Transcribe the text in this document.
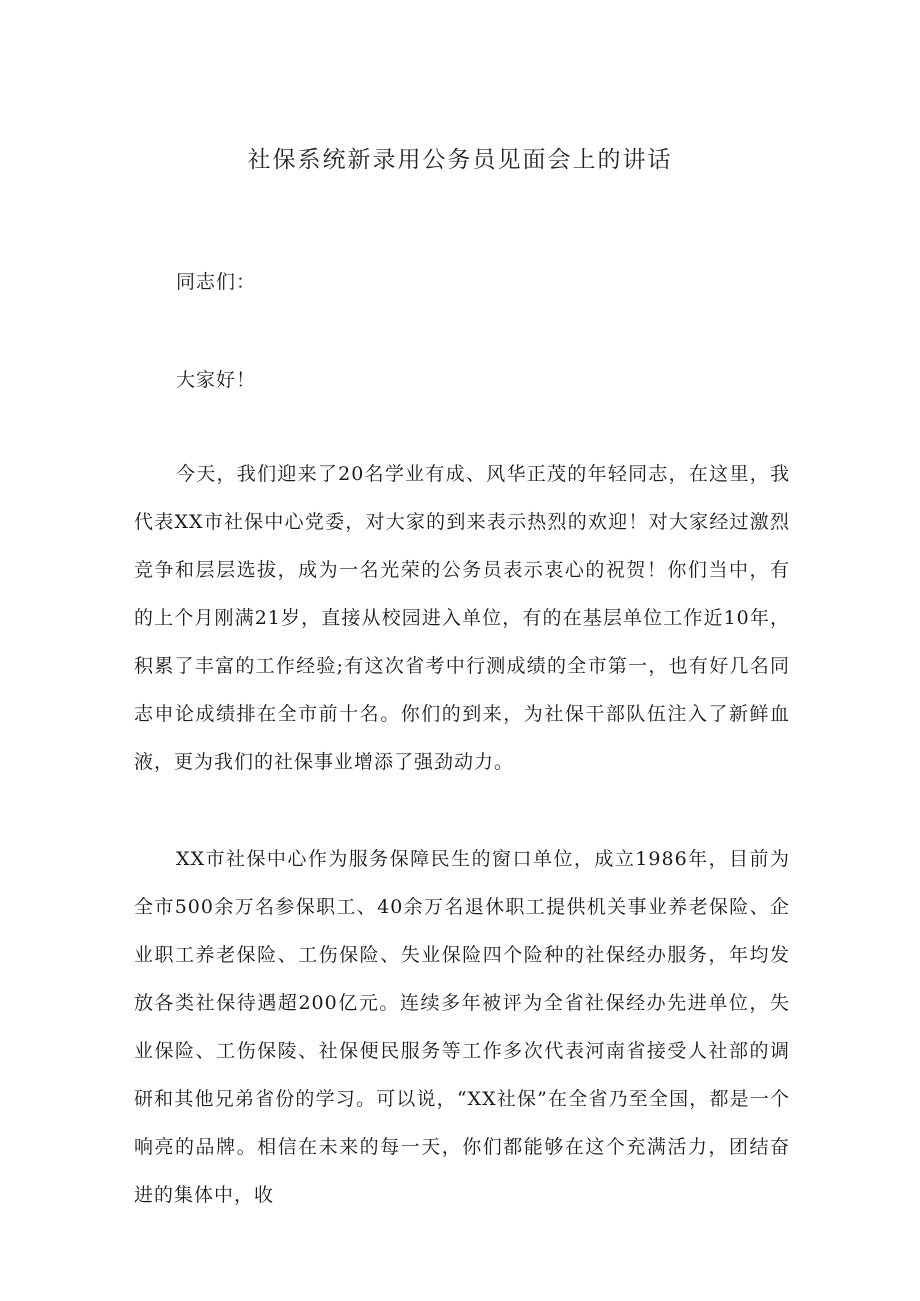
社保系统新录用公务员见面会上的讲话

同志们：

大家好！

今天，我们迎来了20名学业有成、风华正茂的年轻同志，在这里，我代表XX市社保中心党委，对大家的到来表示热烈的欢迎！对大家经过激烈竞争和层层选拔，成为一名光荣的公务员表示衷心的祝贺！你们当中，有的上个月刚满21岁，直接从校园进入单位，有的在基层单位工作近10年，积累了丰富的工作经验;有这次省考中行测成绩的全市第一，也有好几名同志申论成绩排在全市前十名。你们的到来，为社保干部队伍注入了新鲜血液，更为我们的社保事业增添了强劲动力。

XX市社保中心作为服务保障民生的窗口单位，成立1986年，目前为全市500余万名参保职工、40余万名退休职工提供机关事业养老保险、企业职工养老保险、工伤保险、失业保险四个险种的社保经办服务，年均发放各类社保待遇超200亿元。连续多年被评为全省社保经办先进单位，失业保险、工伤保陵、社保便民服务等工作多次代表河南省接受人社部的调研和其他兄弟省份的学习。可以说，“XX社保”在全省乃至全国，都是一个响亮的品牌。相信在未来的每一天，你们都能够在这个充满活力，团结奋进的集体中，收
